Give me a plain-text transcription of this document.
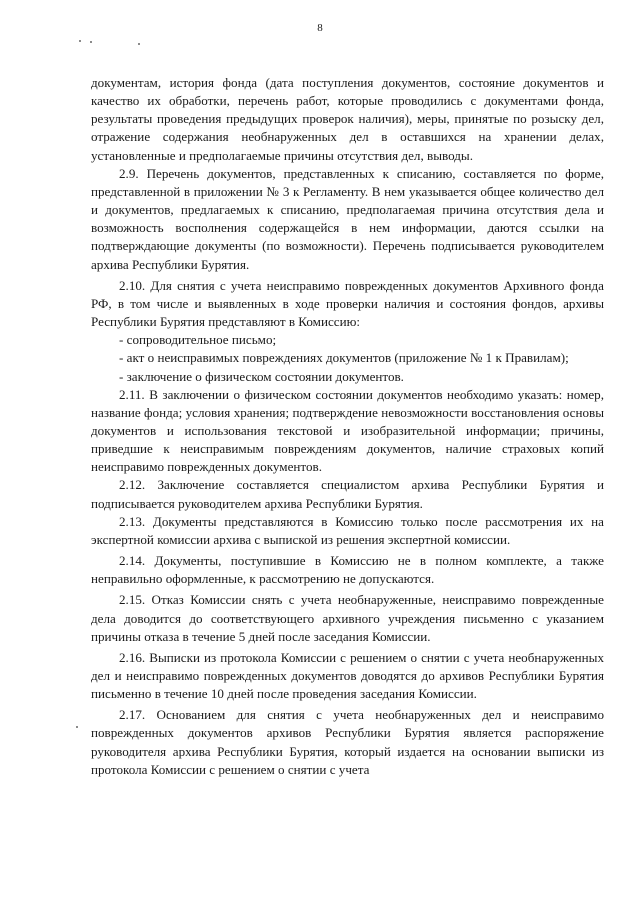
8

документам, история фонда (дата поступления документов, состояние документов и качество их обработки, перечень работ, которые проводились с документами фонда, результаты проведения предыдущих проверок наличия), меры, принятые по розыску дел, отражение содержания необнаруженных дел в оставшихся на хранении делах, установленные и предполагаемые причины отсутствия дел, выводы.

2.9. Перечень документов, представленных к списанию, составляется по форме, представленной в приложении № 3 к Регламенту. В нем указывается общее количество дел и документов, предлагаемых к списанию, предполагаемая причина отсутствия дела и возможность восполнения содержащейся в нем информации, даются ссылки на подтверждающие документы (по возможности). Перечень подписывается руководителем архива Республики Бурятия.

2.10. Для снятия с учета неисправимо поврежденных документов Архивного фонда РФ, в том числе и выявленных в ходе проверки наличия и состояния фондов, архивы Республики Бурятия представляют в Комиссию:

- сопроводительное письмо;

- акт о неисправимых повреждениях документов (приложение № 1 к Правилам);

- заключение о физическом состоянии документов.

2.11. В заключении о физическом состоянии документов необходимо указать: номер, название фонда; условия хранения; подтверждение невозможности восстановления основы документов и использования текстовой и изобразительной информации; причины, приведшие к неисправимым повреждениям документов, наличие страховых копий неисправимо поврежденных документов.

2.12. Заключение составляется специалистом архива Республики Бурятия и подписывается руководителем архива Республики Бурятия.

2.13. Документы представляются в Комиссию только после рассмотрения их на экспертной комиссии архива с выпиской из решения экспертной комиссии.

2.14. Документы, поступившие в Комиссию не в полном комплекте, а также неправильно оформленные, к рассмотрению не допускаются.

2.15. Отказ Комиссии снять с учета необнаруженные, неисправимо поврежденные дела доводится до соответствующего архивного учреждения письменно с указанием причины отказа в течение 5 дней после заседания Комиссии.

2.16. Выписки из протокола Комиссии с решением о снятии с учета необнаруженных дел и неисправимо поврежденных документов доводятся до архивов Республики Бурятия письменно в течение 10 дней после проведения заседания Комиссии.

2.17. Основанием для снятия с учета необнаруженных дел и неисправимо поврежденных документов архивов Республики Бурятия является распоряжение руководителя архива Республики Бурятия, который издается на основании выписки из протокола Комиссии с решением о снятии с учета
